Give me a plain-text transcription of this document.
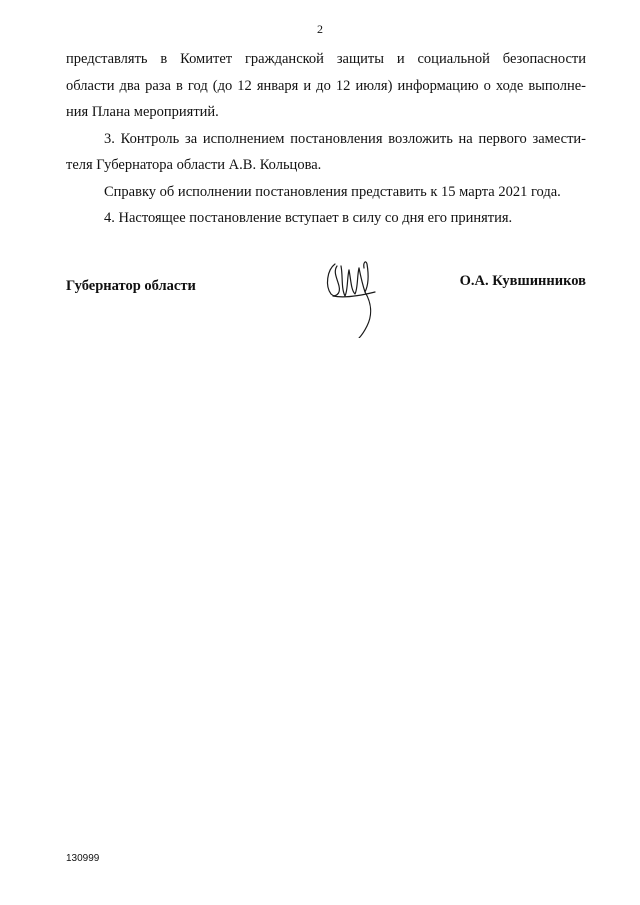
2

представлять в Комитет гражданской защиты и социальной безопасности

области два раза в год (до 12 января и до 12 июля) информацию о ходе выполне-

ния Плана мероприятий.

3. Контроль за исполнением постановления возложить на первого замести-

теля Губернатора области А.В. Кольцова.

Справку об исполнении постановления представить к 15 марта 2021 года.

4. Настоящее постановление вступает в силу со дня его принятия.

Губернатор области	О.А. Кувшинников
130999
